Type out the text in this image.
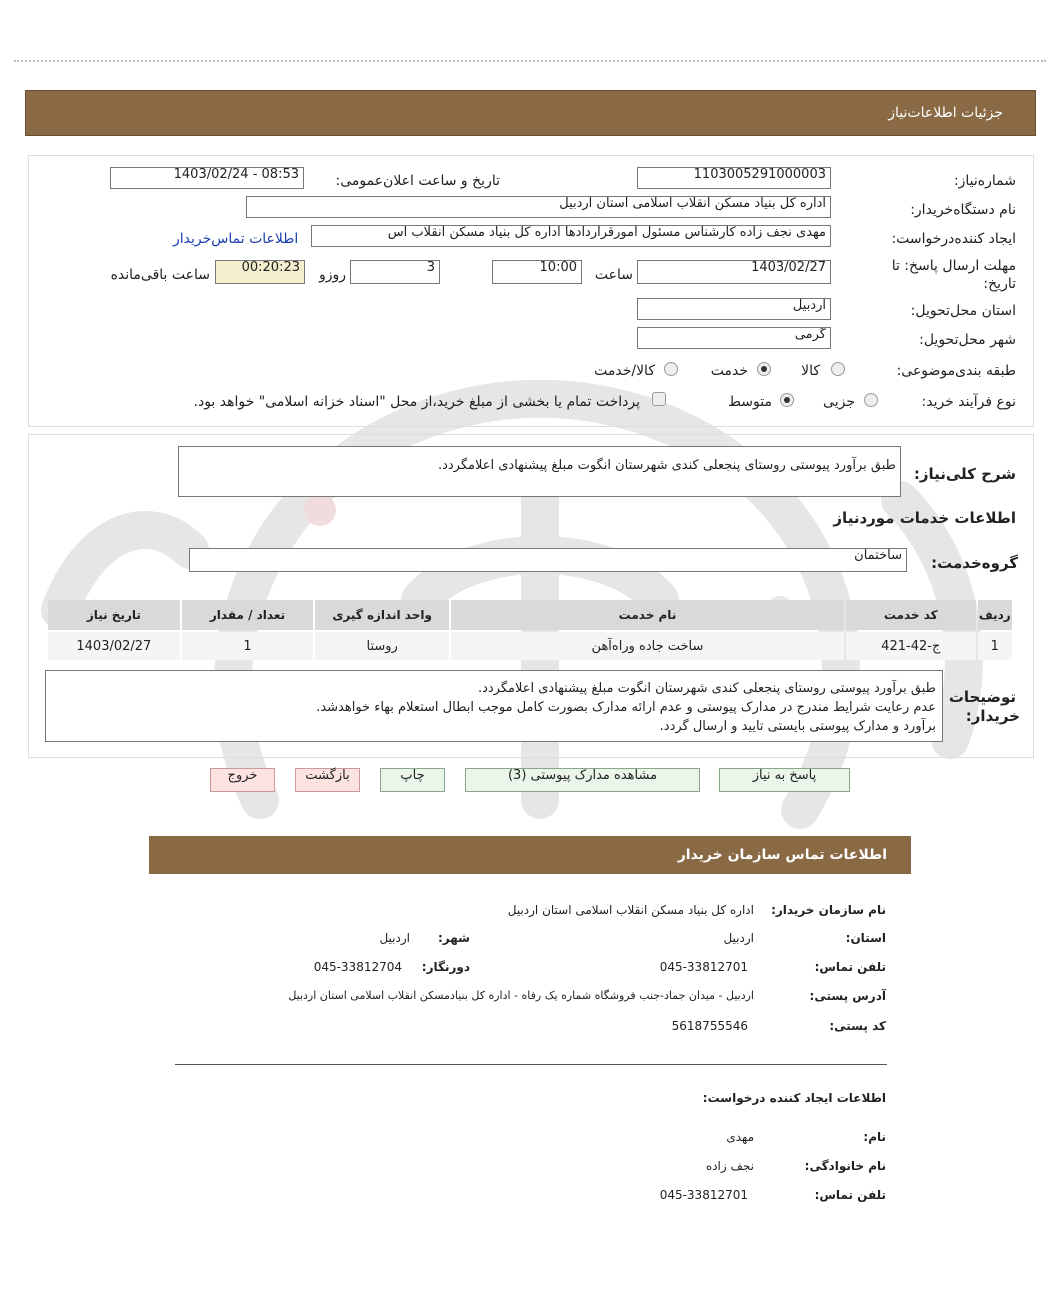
جزئیات اطلاعات‌نیاز
شماره‌نیاز:
1103005291000003
تاریخ و ساعت اعلان‌عمومی:
1403/02/24 - 08:53
نام دستگاه‌خریدار:
اداره کل بنیاد مسکن انقلاب اسلامی استان اردبیل
ایجاد کننده‌درخواست:
مهدی نجف زاده کارشناس مسئول امورقراردادها اداره کل بنیاد مسکن انقلاب اس
اطلاعات تماس‌خریدار
مهلت ارسال پاسخ: تا
تاریخ:
1403/02/27
ساعت
10:00
3
روزو
00:20:23
ساعت باقی‌مانده
استان محل‌تحویل:
اردبیل
شهر محل‌تحویل:
گرمی
طبقه بندی‌موضوعی:
کالا
خدمت
کالا/خدمت
نوع فرآیند خرید:
جزیی
متوسط
پرداخت تمام یا بخشی از مبلغ خرید،از محل "اسناد خزانه اسلامی" خواهد بود.
شرح کلی‌نیاز:
طبق برآورد پیوستی روستای پنجعلی کندی شهرستان انگوت مبلغ پیشنهادی اعلامگردد.
اطلاعات خدمات موردنیاز
گروه‌خدمت:
ساختمان
ردیف	کد خدمت	نام خدمت	واحد اندازه گیری	تعداد / مقدار	تاریخ نیاز
1	ج-42-421	ساخت جاده وراه‌آهن	روستا	1	1403/02/27
توضیحات
خریدار:
طبق برآورد پیوستی روستای پنجعلی کندی شهرستان انگوت مبلغ پیشنهادی اعلامگردد.
عدم رعایت شرایط مندرج در مدارک پیوستی و عدم ارائه مدارک بصورت کامل موجب ابطال استعلام بهاء خواهدشد.
برآورد و مدارک پیوستی بایستی تایید و ارسال گردد.
پاسخ به نیاز
مشاهده مدارک پیوستی (3)
چاپ
بازگشت
خروج
اطلاعات تماس سازمان خریدار
نام سازمان خریدار:
اداره کل بنیاد مسکن انقلاب اسلامی استان اردبیل
استان:
اردبیل
شهر:
اردبیل
تلفن تماس:
045-33812701
دورنگار:
045-33812704
آدرس پستی:
اردبیل - میدان جماد-جنب فروشگاه شماره یک رفاه - اداره کل بنیادمسکن انقلاب اسلامی استان اردبیل
کد پستی:
5618755546
اطلاعات ایجاد کننده درخواست:
نام:
مهدی
نام خانوادگی:
نجف زاده
تلفن تماس:
045-33812701
